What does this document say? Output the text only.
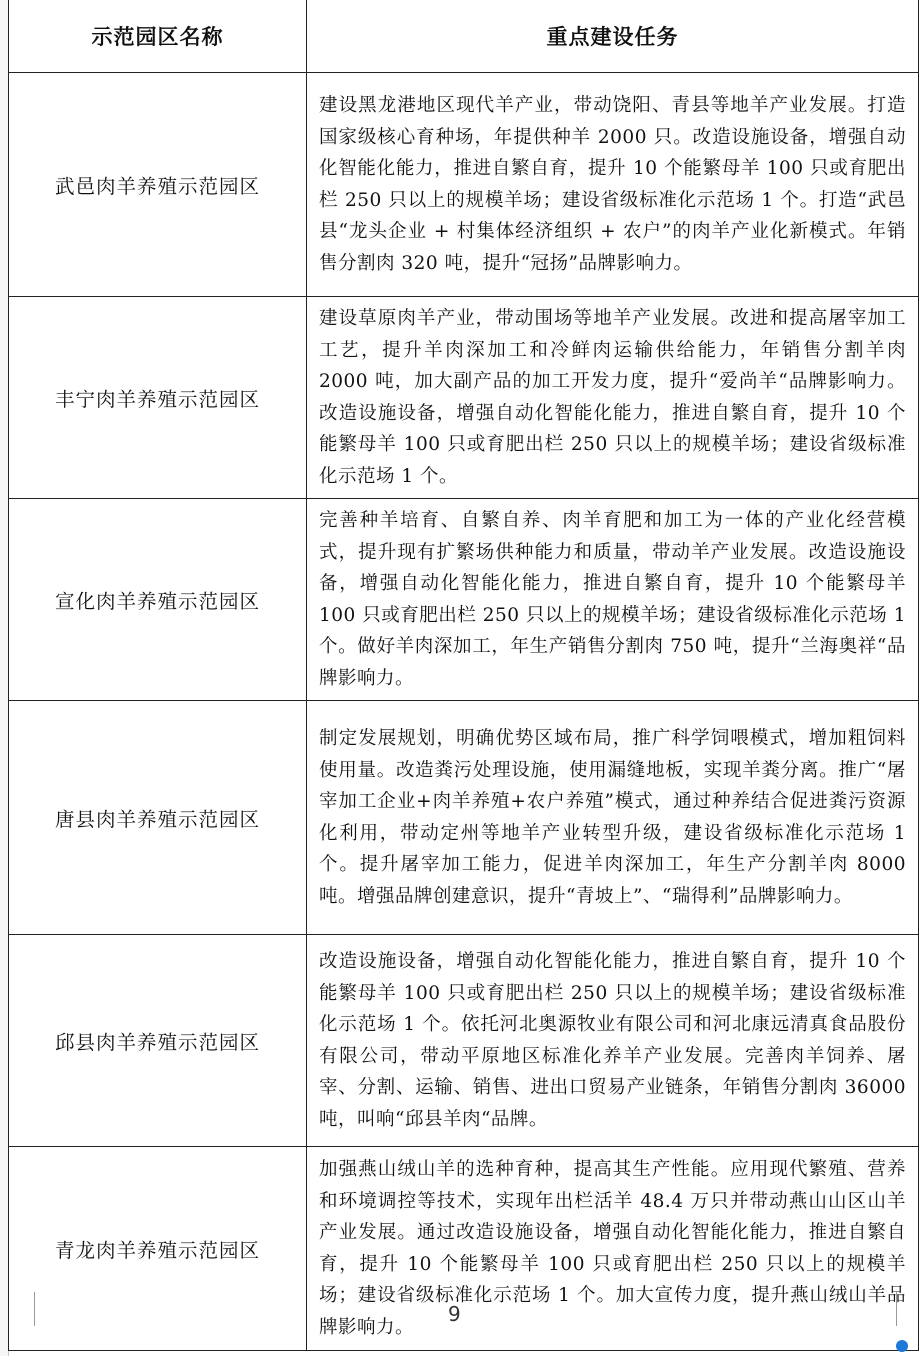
示范园区名称	重点建设任务
武邑肉羊养殖示范园区	建设黑龙港地区现代羊产业，带动饶阳、青县等地羊产业发展。打造国家级核心育种场，年提供种羊 2000 只。改造设施设备，增强自动化智能化能力，推进自繁自育，提升 10 个能繁母羊 100 只或育肥出栏 250 只以上的规模羊场；建设省级标准化示范场 1 个。打造“武邑县“龙头企业 + 村集体经济组织 + 农户”的肉羊产业化新模式。年销售分割肉 320 吨，提升“冠扬”品牌影响力。
丰宁肉羊养殖示范园区	建设草原肉羊产业，带动围场等地羊产业发展。改进和提高屠宰加工工艺，提升羊肉深加工和冷鲜肉运输供给能力，年销售分割羊肉 2000 吨，加大副产品的加工开发力度，提升“爱尚羊“品牌影响力。改造设施设备，增强自动化智能化能力，推进自繁自育，提升 10 个能繁母羊 100 只或育肥出栏 250 只以上的规模羊场；建设省级标准化示范场 1 个。
宣化肉羊养殖示范园区	完善种羊培育、自繁自养、肉羊育肥和加工为一体的产业化经营模式，提升现有扩繁场供种能力和质量，带动羊产业发展。改造设施设备，增强自动化智能化能力，推进自繁自育，提升 10 个能繁母羊 100 只或育肥出栏 250 只以上的规模羊场；建设省级标准化示范场 1 个。做好羊肉深加工，年生产销售分割肉 750 吨，提升“兰海奥祥“品牌影响力。
唐县肉羊养殖示范园区	制定发展规划，明确优势区域布局，推广科学饲喂模式，增加粗饲料使用量。改造粪污处理设施，使用漏缝地板，实现羊粪分离。推广“屠宰加工企业+肉羊养殖+农户养殖”模式，通过种养结合促进粪污资源化利用，带动定州等地羊产业转型升级，建设省级标准化示范场 1 个。提升屠宰加工能力，促进羊肉深加工，年生产分割羊肉 8000 吨。增强品牌创建意识，提升“青坡上”、“瑞得利”品牌影响力。
邱县肉羊养殖示范园区	改造设施设备，增强自动化智能化能力，推进自繁自育，提升 10 个能繁母羊 100 只或育肥出栏 250 只以上的规模羊场；建设省级标准化示范场 1 个。依托河北奥源牧业有限公司和河北康远清真食品股份有限公司，带动平原地区标准化养羊产业发展。完善肉羊饲养、屠宰、分割、运输、销售、进出口贸易产业链条，年销售分割肉 36000 吨，叫响“邱县羊肉“品牌。
青龙肉羊养殖示范园区	加强燕山绒山羊的选种育种，提高其生产性能。应用现代繁殖、营养和环境调控等技术，实现年出栏活羊 48.4 万只并带动燕山山区山羊产业发展。通过改造设施设备，增强自动化智能化能力，推进自繁自育，提升 10 个能繁母羊 100 只或育肥出栏 250 只以上的规模羊场；建设省级标准化示范场 1 个。加大宣传力度，提升燕山绒山羊品牌影响力。
9
